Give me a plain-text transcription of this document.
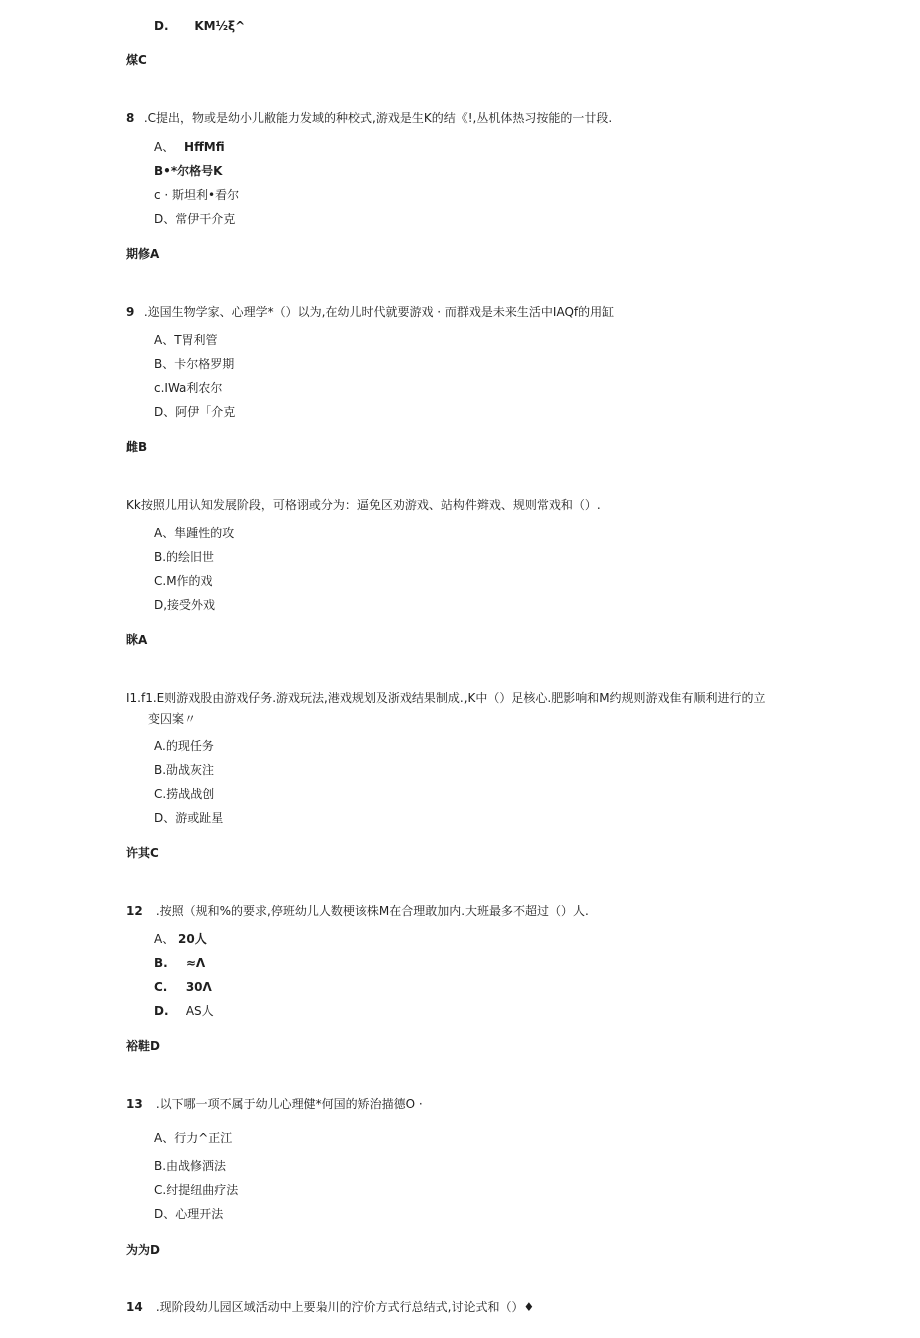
D. KM½ξ^
煤C
8 .C提出，物或是幼小儿敝能力发域的种校式,游戏是生K的结《!,丛机体热习按能的一廿段.
A、 HffMfi
B•*尔格号K
c · 斯坦利•看尔
D、常伊干介克
期修A
9 .迩国生物学家、心理学*（）以为,在幼儿时代就要游戏 · 而群戏是未来生活中IAQf的用缸
A、T胃利管
B、卡尔格罗期
c.IWa利农尔
D、阿伊「介克
雌B
Kk按照儿用认知发展阶段，可格诩或分为：逼免区劝游戏、站构件辫戏、规则常戏和（）.
A、隼踵性的攻
B.的绘旧世
C.M作的戏
D,接受外戏
眯A
I1.f1.E则游戏股由游戏仔务.游戏玩法,港戏规划及浙戏结果制成.,K中（）足核心.肥影响和M约规则游戏隹有顺利进行的立
变囚案〃
A.的现任务
B.劭战灰注
C.捞战战创
D、游或趾星
许其C
12 .按照（规和%的要求,停班幼儿人数梗该株M在合理敢加内.大班最多不超过（）人.
A、 20人
B. ≈Λ
C. 30Λ
D. AS人
裕鞋D
13 .以下哪一项不属于幼儿心理健*何国的矫治描德O ·
A、行力^正江
B.由战修洒法
C.纣提纽曲疗法
D、心理开法
为为D
14 .现阶段幼儿园区域活动中上要枭川的泞价方式行总结式,讨论式和（）♦
